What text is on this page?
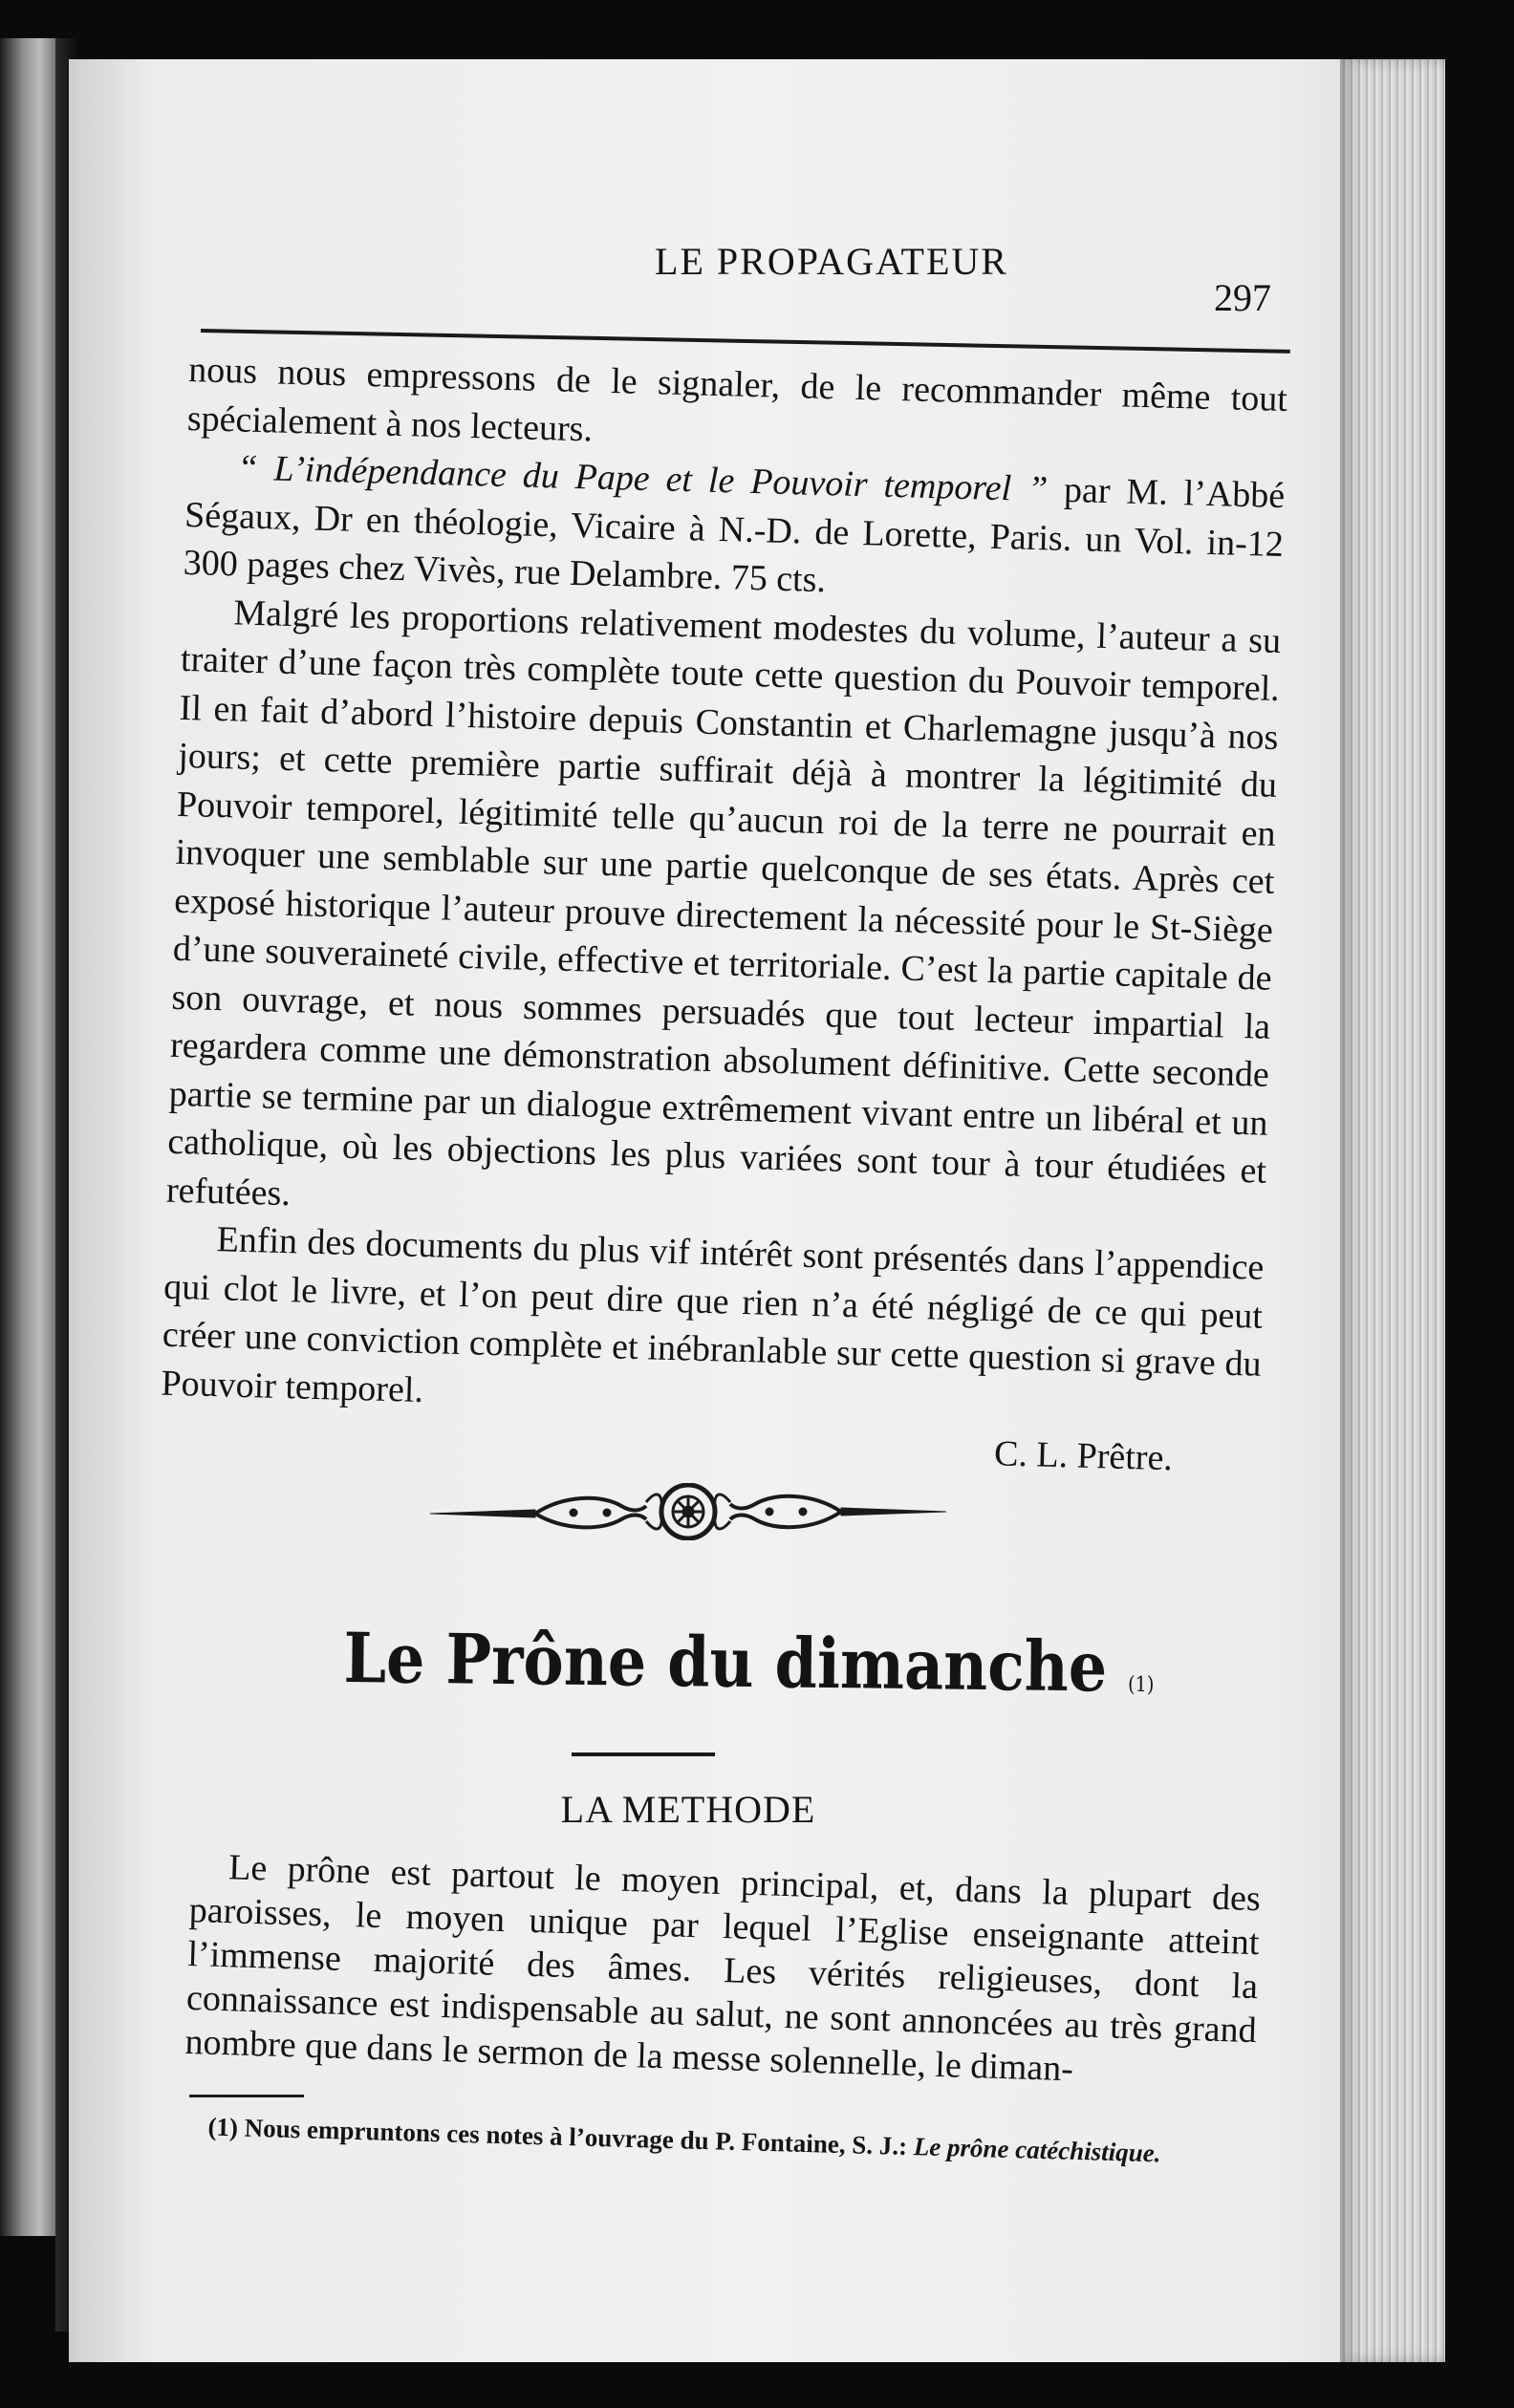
LE PROPAGATEUR
297

nous nous empressons de le signaler, de le recommander même tout spécialement à nos lecteurs.

“ L’indépendance du Pape et le Pouvoir temporel ” par M. l’Abbé Ségaux, Dr en théologie, Vicaire à N.-D. de Lorette, Paris. un Vol. in-12 300 pages chez Vivès, rue Delambre. 75 cts.

Malgré les proportions relativement modestes du volume, l’auteur a su traiter d’une façon très complète toute cette question du Pouvoir temporel. Il en fait d’abord l’histoire depuis Constantin et Charlemagne jusqu’à nos jours; et cette première partie suffirait déjà à montrer la légitimité du Pouvoir temporel, légitimité telle qu’aucun roi de la terre ne pourrait en invoquer une semblable sur une partie quelconque de ses états. Après cet exposé historique l’auteur prouve directement la nécessité pour le St-Siège d’une souveraineté civile, effective et territoriale. C’est la partie capitale de son ouvrage, et nous sommes persuadés que tout lecteur impartial la regardera comme une démonstration absolument définitive. Cette seconde partie se termine par un dialogue extrêmement vivant entre un libéral et un catholique, où les objections les plus variées sont tour à tour étudiées et refutées.

Enfin des documents du plus vif intérêt sont présentés dans l’appendice qui clot le livre, et l’on peut dire que rien n’a été négligé de ce qui peut créer une conviction complète et inébranlable sur cette question si grave du Pouvoir temporel.

C. L. Prêtre.

Le Prône du dimanche (1)
LA METHODE

Le prône est partout le moyen principal, et, dans la plupart des paroisses, le moyen unique par lequel l’Eglise enseignante atteint l’immense majorité des âmes. Les vérités religieuses, dont la connaissance est indispensable au salut, ne sont annoncées au très grand nombre que dans le sermon de la messe solennelle, le diman-

(1) Nous empruntons ces notes à l’ouvrage du P. Fontaine, S. J.: Le prône catéchistique.
